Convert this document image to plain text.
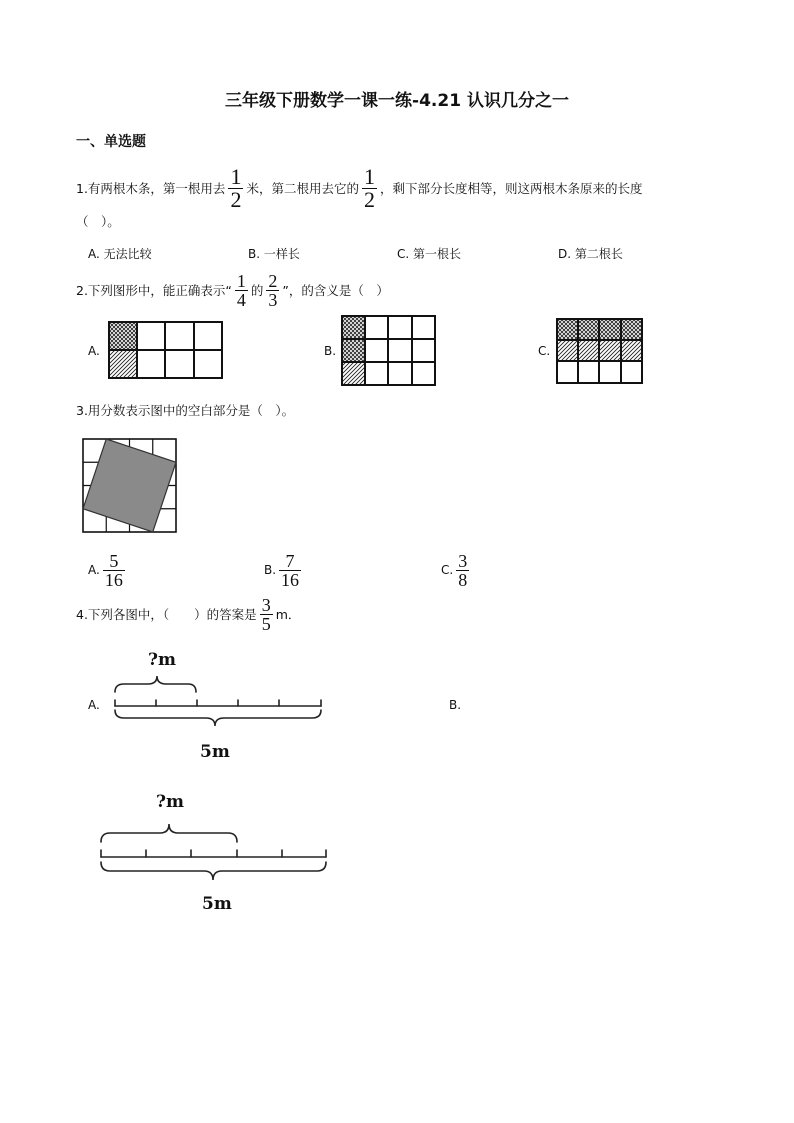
三年级下册数学一课一练-4.21 认识几分之一
一、单选题
1.有两根木条，第一根用去 $\frac{1}{2}$ 米，第二根用去它的 $\frac{1}{2}$ ，剩下部分长度相等，则这两根木条原来的长度
（　）。
A. 无法比较	B. 一样长	C. 第一根长	D. 第二根长
2.下列图形中，能正确表示“ $\frac{1}{4}$ 的 $\frac{2}{3}$ ”，的含义是（　）
A.	B.	C.
3.用分数表示图中的空白部分是（　）。
A. $\frac{5}{16}$	B. $\frac{7}{16}$	C. $\frac{3}{8}$
4.下列各图中，（　　）的答案是 $\frac{3}{5}$ m．
A.	B.
?m
5m
?m
5m
